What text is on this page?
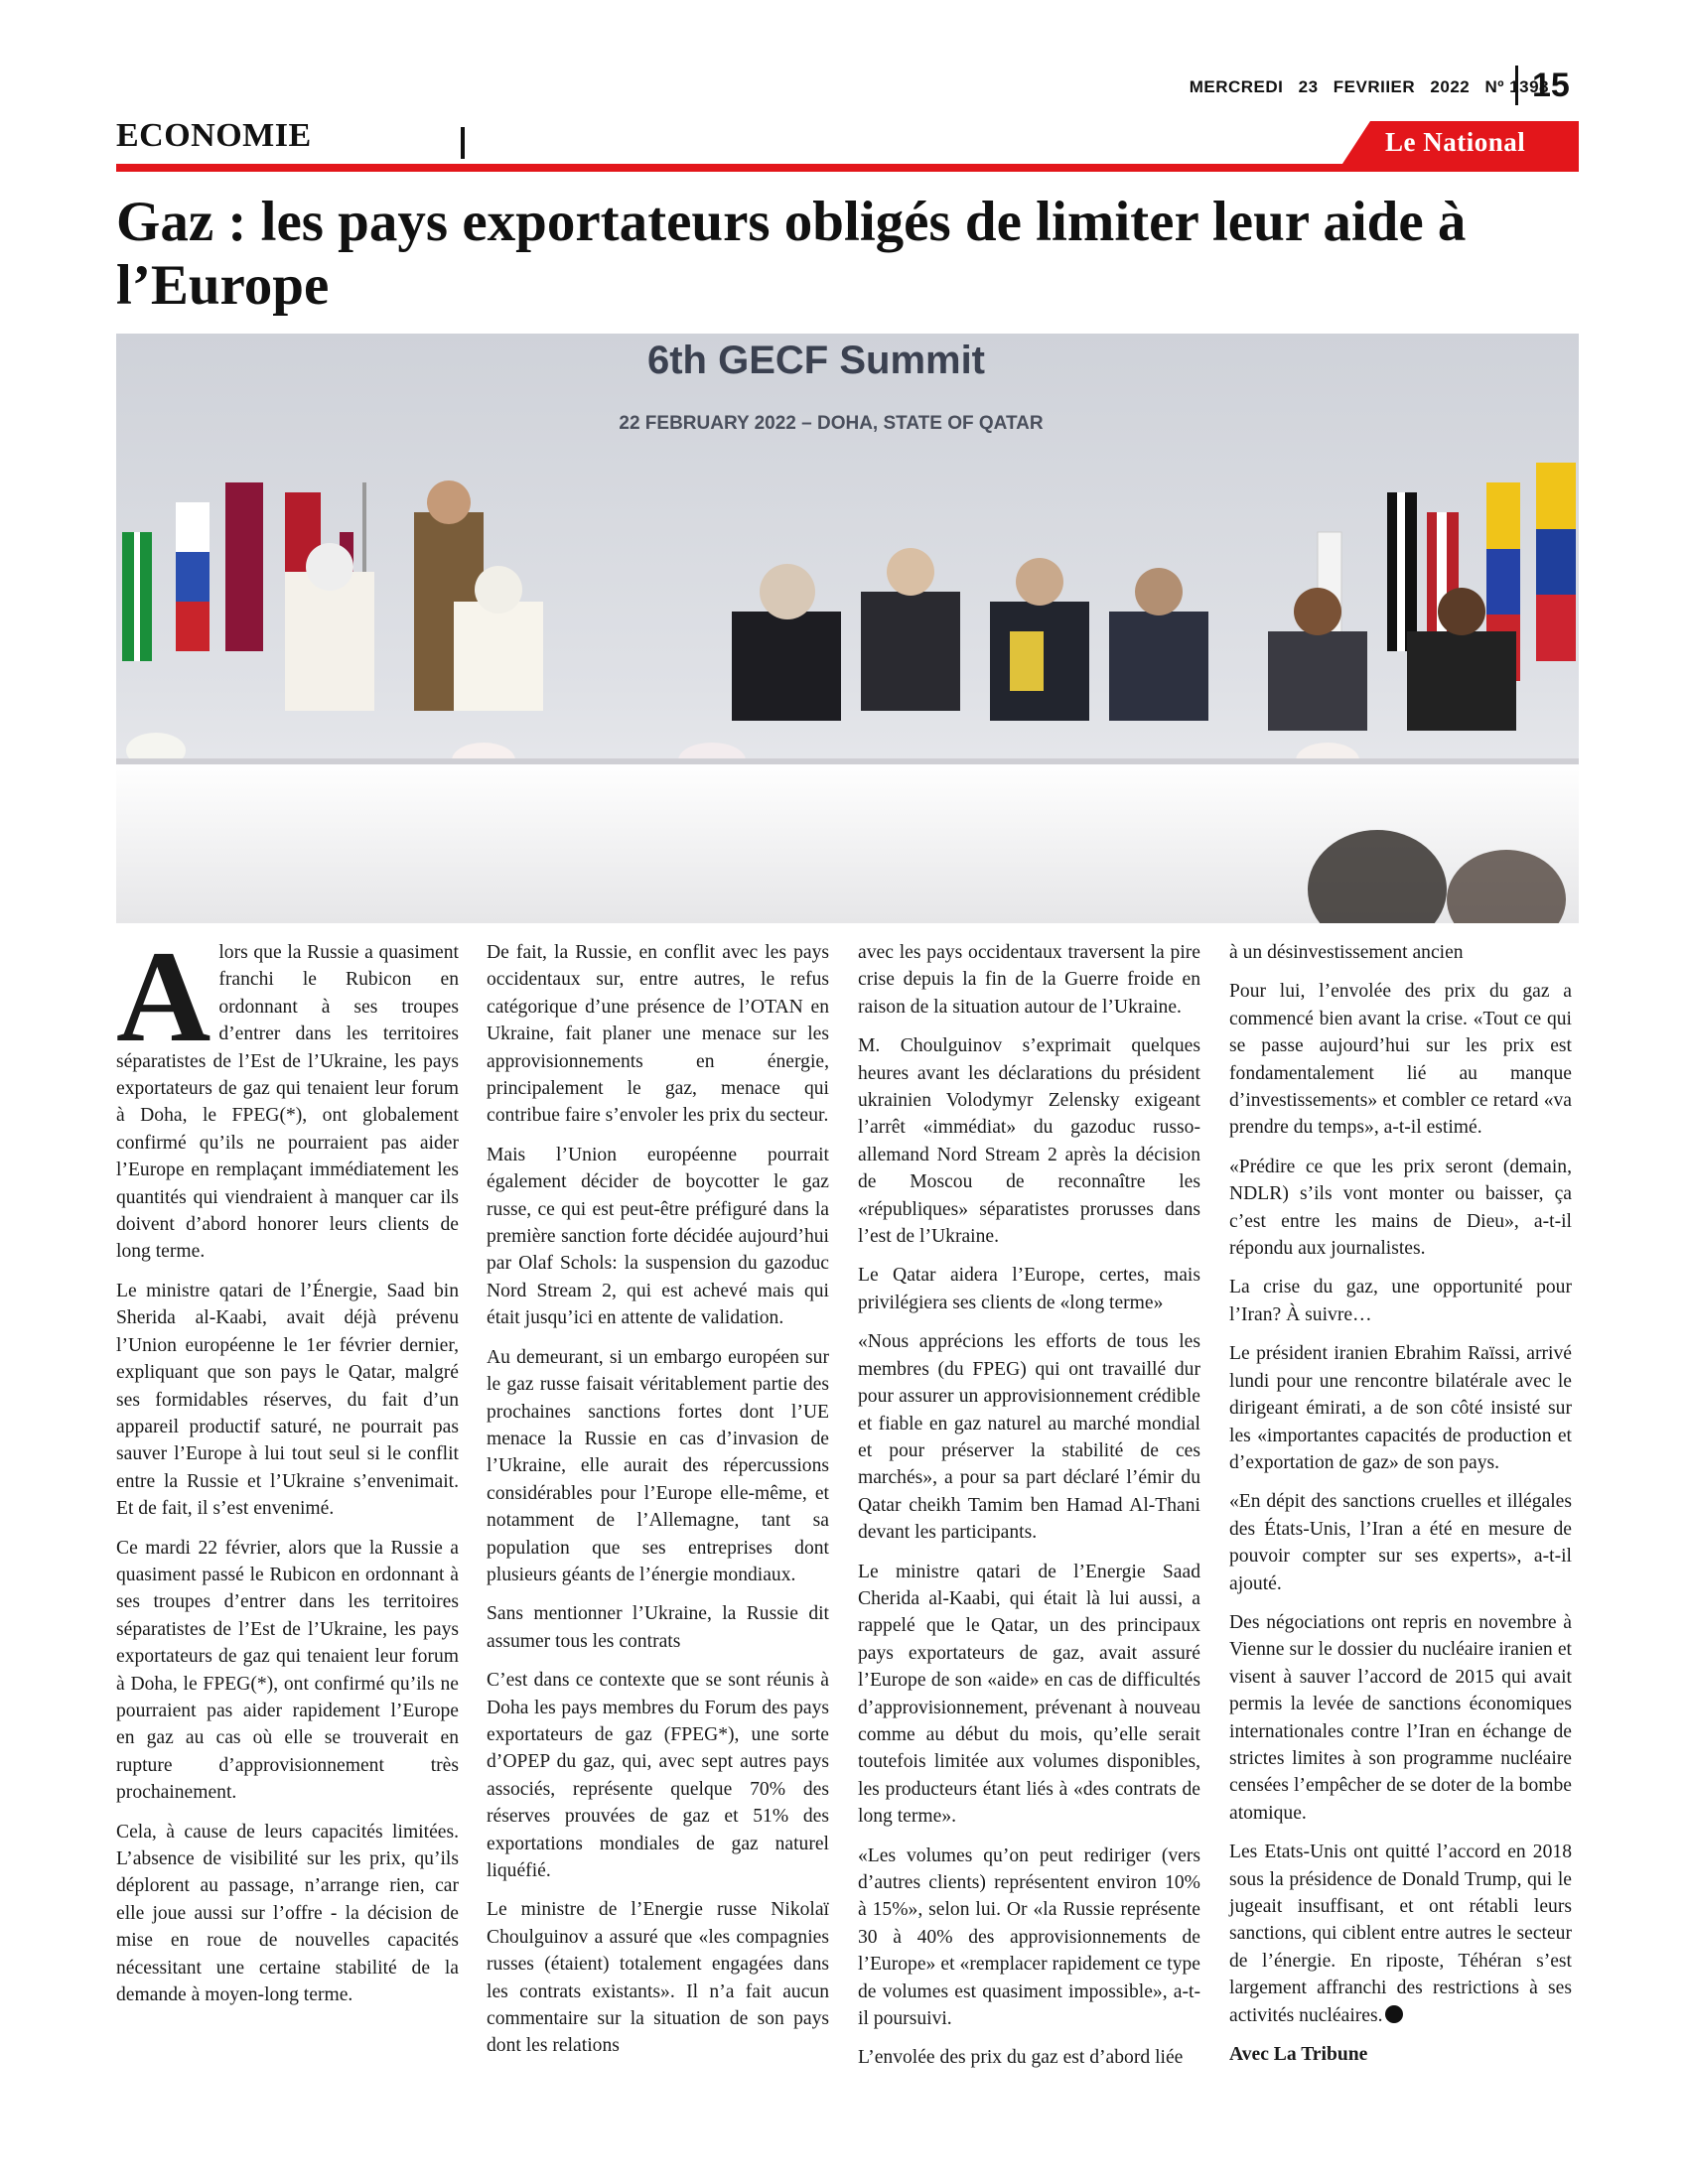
MERCREDI 23 FEVRIIER 2022 Nº 1398
15
ECONOMIE	Le National
Gaz : les pays exportateurs obligés de limiter leur aide à l’Europe
6th GECF Summit
22 FEBRUARY 2022 – DOHA, STATE OF QATAR

Alors que la Russie a quasiment franchi le Rubicon en ordonnant à ses troupes d’entrer dans les territoires séparatistes de l’Est de l’Ukraine, les pays exportateurs de gaz qui tenaient leur forum à Doha, le FPEG(*), ont globalement confirmé qu’ils ne pourraient pas aider l’Europe en remplaçant immédiatement les quantités qui viendraient à manquer car ils doivent d’abord honorer leurs clients de long terme.

Le ministre qatari de l’Énergie, Saad bin Sherida al-Kaabi, avait déjà prévenu l’Union européenne le 1er février dernier, expliquant que son pays le Qatar, malgré ses formidables réserves, du fait d’un appareil productif saturé, ne pourrait pas sauver l’Europe à lui tout seul si le conflit entre la Russie et l’Ukraine s’envenimait. Et de fait, il s’est envenimé.

Ce mardi 22 février, alors que la Russie a quasiment passé le Rubicon en ordonnant à ses troupes d’entrer dans les territoires séparatistes de l’Est de l’Ukraine, les pays exportateurs de gaz qui tenaient leur forum à Doha, le FPEG(*), ont confirmé qu’ils ne pourraient pas aider rapidement l’Europe en gaz au cas où elle se trouverait en rupture d’approvisionnement très prochainement.

Cela, à cause de leurs capacités limitées. L’absence de visibilité sur les prix, qu’ils déplorent au passage, n’arrange rien, car elle joue aussi sur l’offre - la décision de mise en roue de nouvelles capacités nécessitant une certaine stabilité de la demande à moyen-long terme.

De fait, la Russie, en conflit avec les pays occidentaux sur, entre autres, le refus catégorique d’une présence de l’OTAN en Ukraine, fait planer une menace sur les approvisionnements en énergie, principalement le gaz, menace qui contribue faire s’envoler les prix du secteur.

Mais l’Union européenne pourrait également décider de boycotter le gaz russe, ce qui est peut-être préfiguré dans la première sanction forte décidée aujourd’hui par Olaf Schols: la suspension du gazoduc Nord Stream 2, qui est achevé mais qui était jusqu’ici en attente de validation.

Au demeurant, si un embargo européen sur le gaz russe faisait véritablement partie des prochaines sanctions fortes dont l’UE menace la Russie en cas d’invasion de l’Ukraine, elle aurait des répercussions considérables pour l’Europe elle-même, et notamment de l’Allemagne, tant sa population que ses entreprises dont plusieurs géants de l’énergie mondiaux.

Sans mentionner l’Ukraine, la Russie dit assumer tous les contrats

C’est dans ce contexte que se sont réunis à Doha les pays membres du Forum des pays exportateurs de gaz (FPEG*), une sorte d’OPEP du gaz, qui, avec sept autres pays associés, représente quelque 70% des réserves prouvées de gaz et 51% des exportations mondiales de gaz naturel liquéfié.

Le ministre de l’Energie russe Nikolaï Choulguinov a assuré que «les compagnies russes (étaient) totalement engagées dans les contrats existants». Il n’a fait aucun commentaire sur la situation de son pays dont les relations

avec les pays occidentaux traversent la pire crise depuis la fin de la Guerre froide en raison de la situation autour de l’Ukraine.

M. Choulguinov s’exprimait quelques heures avant les déclarations du président ukrainien Volodymyr Zelensky exigeant l’arrêt «immédiat» du gazoduc russo-allemand Nord Stream 2 après la décision de Moscou de reconnaître les «républiques» séparatistes prorusses dans l’est de l’Ukraine.

Le Qatar aidera l’Europe, certes, mais privilégiera ses clients de «long terme»

«Nous apprécions les efforts de tous les membres (du FPEG) qui ont travaillé dur pour assurer un approvisionnement crédible et fiable en gaz naturel au marché mondial et pour préserver la stabilité de ces marchés», a pour sa part déclaré l’émir du Qatar cheikh Tamim ben Hamad Al-Thani devant les participants.

Le ministre qatari de l’Energie Saad Cherida al-Kaabi, qui était là lui aussi, a rappelé que le Qatar, un des principaux pays exportateurs de gaz, avait assuré l’Europe de son «aide» en cas de difficultés d’approvisionnement, prévenant à nouveau comme au début du mois, qu’elle serait toutefois limitée aux volumes disponibles, les producteurs étant liés à «des contrats de long terme».

«Les volumes qu’on peut rediriger (vers d’autres clients) représentent environ 10% à 15%», selon lui. Or «la Russie représente 30 à 40% des approvisionnements de l’Europe» et «remplacer rapidement ce type de volumes est quasiment impossible», a-t-il poursuivi.

L’envolée des prix du gaz est d’abord liée

à un désinvestissement ancien

Pour lui, l’envolée des prix du gaz a commencé bien avant la crise. «Tout ce qui se passe aujourd’hui sur les prix est fondamentalement lié au manque d’investissements» et combler ce retard «va prendre du temps», a-t-il estimé.

«Prédire ce que les prix seront (demain, NDLR) s’ils vont monter ou baisser, ça c’est entre les mains de Dieu», a-t-il répondu aux journalistes.

La crise du gaz, une opportunité pour l’Iran? À suivre…

Le président iranien Ebrahim Raïssi, arrivé lundi pour une rencontre bilatérale avec le dirigeant émirati, a de son côté insisté sur les «importantes capacités de production et d’exportation de gaz» de son pays.

«En dépit des sanctions cruelles et illégales des États-Unis, l’Iran a été en mesure de pouvoir compter sur ses experts», a-t-il ajouté.

Des négociations ont repris en novembre à Vienne sur le dossier du nucléaire iranien et visent à sauver l’accord de 2015 qui avait permis la levée de sanctions économiques internationales contre l’Iran en échange de strictes limites à son programme nucléaire censées l’empêcher de se doter de la bombe atomique.

Les Etats-Unis ont quitté l’accord en 2018 sous la présidence de Donald Trump, qui le jugeait insuffisant, et ont rétabli leurs sanctions, qui ciblent entre autres le secteur de l’énergie. En riposte, Téhéran s’est largement affranchi des restrictions à ses activités nucléaires.

Avec La Tribune
